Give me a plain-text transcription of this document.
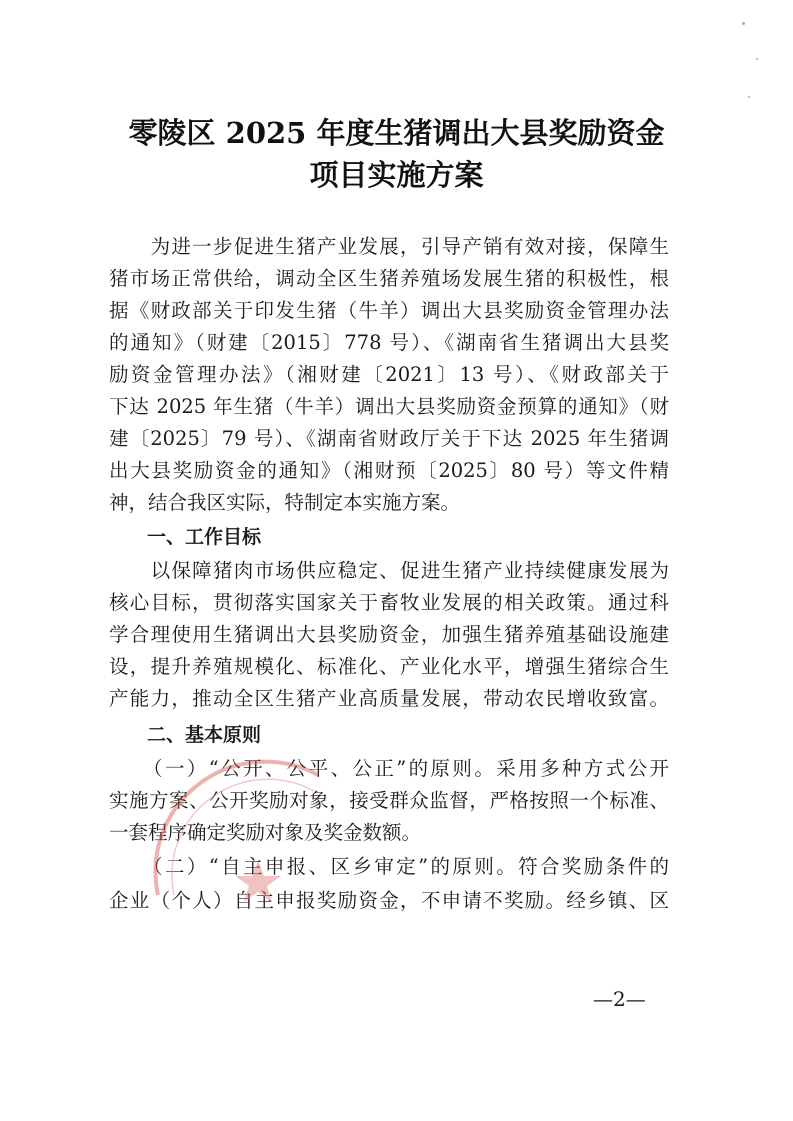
零陵区 2025 年度生猪调出大县奖励资金
项目实施方案
　　为进一步促进生猪产业发展，引导产销有效对接，保障生
猪市场正常供给，调动全区生猪养殖场发展生猪的积极性，根
据《财政部关于印发生猪（牛羊）调出大县奖励资金管理办法
的通知》（财建〔2015〕778 号）、《湖南省生猪调出大县奖
励资金管理办法》（湘财建〔2021〕13 号）、《财政部关于
下达 2025 年生猪（牛羊）调出大县奖励资金预算的通知》（财
建〔2025〕79 号）、《湖南省财政厅关于下达 2025 年生猪调
出大县奖励资金的通知》（湘财预〔2025〕80 号）等文件精
神，结合我区实际，特制定本实施方案。
　　一、工作目标
　　以保障猪肉市场供应稳定、促进生猪产业持续健康发展为
核心目标，贯彻落实国家关于畜牧业发展的相关政策。通过科
学合理使用生猪调出大县奖励资金，加强生猪养殖基础设施建
设，提升养殖规模化、标准化、产业化水平，增强生猪综合生
产能力，推动全区生猪产业高质量发展，带动农民增收致富。
　　二、基本原则
　　（一）“公开、公平、公正”的原则。采用多种方式公开
实施方案、公开奖励对象，接受群众监督，严格按照一个标准、
一套程序确定奖励对象及奖金数额。
　　（二）“自主申报、区乡审定”的原则。符合奖励条件的
企业（个人）自主申报奖励资金，不申请不奖励。经乡镇、区
—2—
